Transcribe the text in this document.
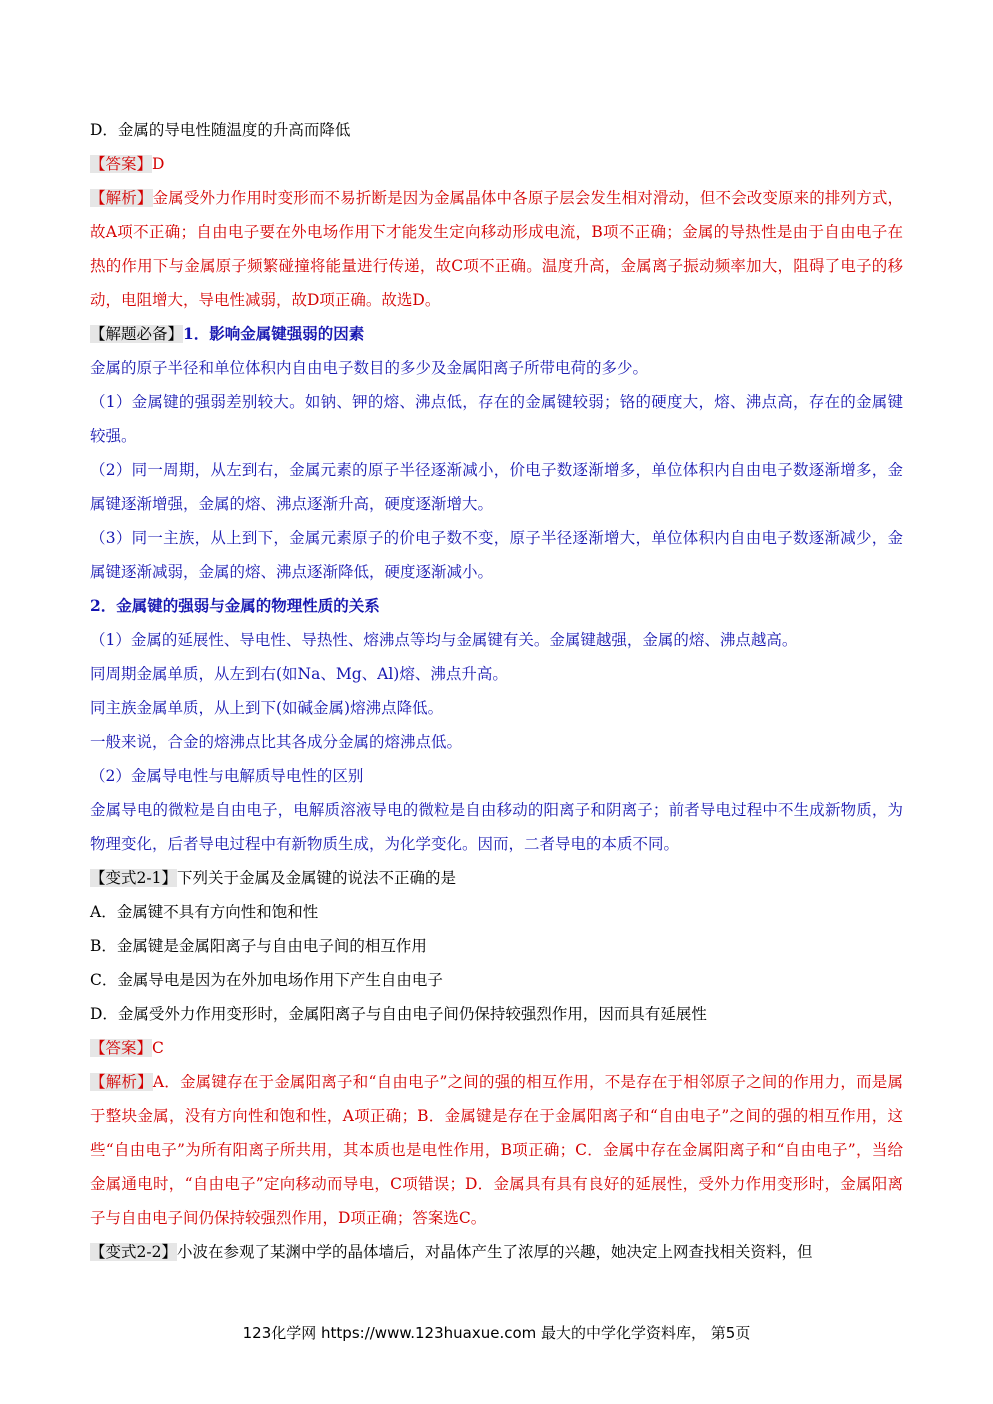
D．金属的导电性随温度的升高而降低

【答案】D

【解析】金属受外力作用时变形而不易折断是因为金属晶体中各原子层会发生相对滑动，但不会改变原来的排列方式，故A项不正确；自由电子要在外电场作用下才能发生定向移动形成电流，B项不正确；金属的导热性是由于自由电子在热的作用下与金属原子频繁碰撞将能量进行传递，故C项不正确。温度升高，金属离子振动频率加大，阻碍了电子的移动，电阻增大，导电性减弱，故D项正确。故选D。

【解题必备】1．影响金属键强弱的因素

金属的原子半径和单位体积内自由电子数目的多少及金属阳离子所带电荷的多少。

（1）金属键的强弱差别较大。如钠、钾的熔、沸点低，存在的金属键较弱；铬的硬度大，熔、沸点高，存在的金属键较强。

（2）同一周期，从左到右，金属元素的原子半径逐渐减小，价电子数逐渐增多，单位体积内自由电子数逐渐增多，金属键逐渐增强，金属的熔、沸点逐渐升高，硬度逐渐增大。

（3）同一主族，从上到下，金属元素原子的价电子数不变，原子半径逐渐增大，单位体积内自由电子数逐渐减少，金属键逐渐减弱，金属的熔、沸点逐渐降低，硬度逐渐减小。

2．金属键的强弱与金属的物理性质的关系

（1）金属的延展性、导电性、导热性、熔沸点等均与金属键有关。金属键越强，金属的熔、沸点越高。

同周期金属单质，从左到右(如Na、Mg、Al)熔、沸点升高。

同主族金属单质，从上到下(如碱金属)熔沸点降低。

一般来说，合金的熔沸点比其各成分金属的熔沸点低。

（2）金属导电性与电解质导电性的区别

金属导电的微粒是自由电子，电解质溶液导电的微粒是自由移动的阳离子和阴离子；前者导电过程中不生成新物质，为物理变化，后者导电过程中有新物质生成，为化学变化。因而，二者导电的本质不同。

【变式2-1】下列关于金属及金属键的说法不正确的是

A．金属键不具有方向性和饱和性

B．金属键是金属阳离子与自由电子间的相互作用

C．金属导电是因为在外加电场作用下产生自由电子

D．金属受外力作用变形时，金属阳离子与自由电子间仍保持较强烈作用，因而具有延展性

【答案】C

【解析】A．金属键存在于金属阳离子和“自由电子”之间的强的相互作用，不是存在于相邻原子之间的作用力，而是属于整块金属，没有方向性和饱和性，A项正确；B．金属键是存在于金属阳离子和“自由电子”之间的强的相互作用，这些“自由电子”为所有阳离子所共用，其本质也是电性作用，B项正确；C．金属中存在金属阳离子和“自由电子”，当给金属通电时，“自由电子”定向移动而导电，C项错误；D．金属具有具有良好的延展性，受外力作用变形时，金属阳离子与自由电子间仍保持较强烈作用，D项正确；答案选C。

【变式2-2】小波在参观了某渊中学的晶体墙后，对晶体产生了浓厚的兴趣，她决定上网查找相关资料，但

123化学网 https://www.123huaxue.com 最大的中学化学资料库， 第5页
